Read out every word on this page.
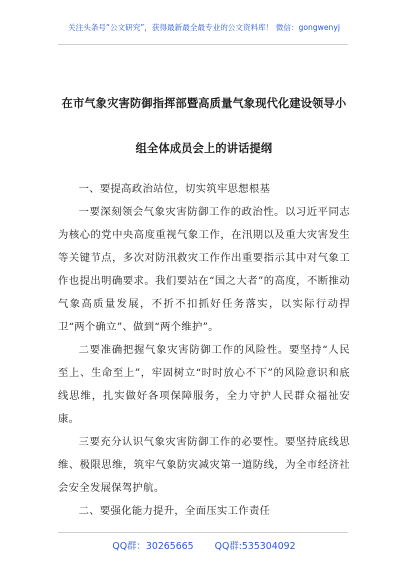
关注头条号“公文研究”，获得最新最全最专业的公文资料库！ 微信：gongwenyj
在市气象灾害防御指挥部暨高质量气象现代化建设领导小
组全体成员会上的讲话提纲

一、要提高政治站位，切实筑牢思想根基

一要深刻领会气象灾害防御工作的政治性。以习近平同志为核心的党中央高度重视气象工作，在汛期以及重大灾害发生等关键节点，多次对防汛救灾工作作出重要指示其中对气象工作也提出明确要求。我们要站在“国之大者”的高度，不断推动气象高质量发展，不折不扣抓好任务落实，以实际行动捍卫“两个确立”、做到“两个维护”。

二要准确把握气象灾害防御工作的风险性。要坚持“人民至上、生命至上”，牢固树立“时时放心不下”的风险意识和底线思维，扎实做好各项保障服务，全力守护人民群众福祉安康。

三要充分认识气象灾害防御工作的必要性。要坚持底线思维、极限思维，筑牢气象防灾减灾第一道防线，为全市经济社会安全发展保驾护航。

二、要强化能力提升，全面压实工作责任

QQ群：30265665 QQ群:535304092
